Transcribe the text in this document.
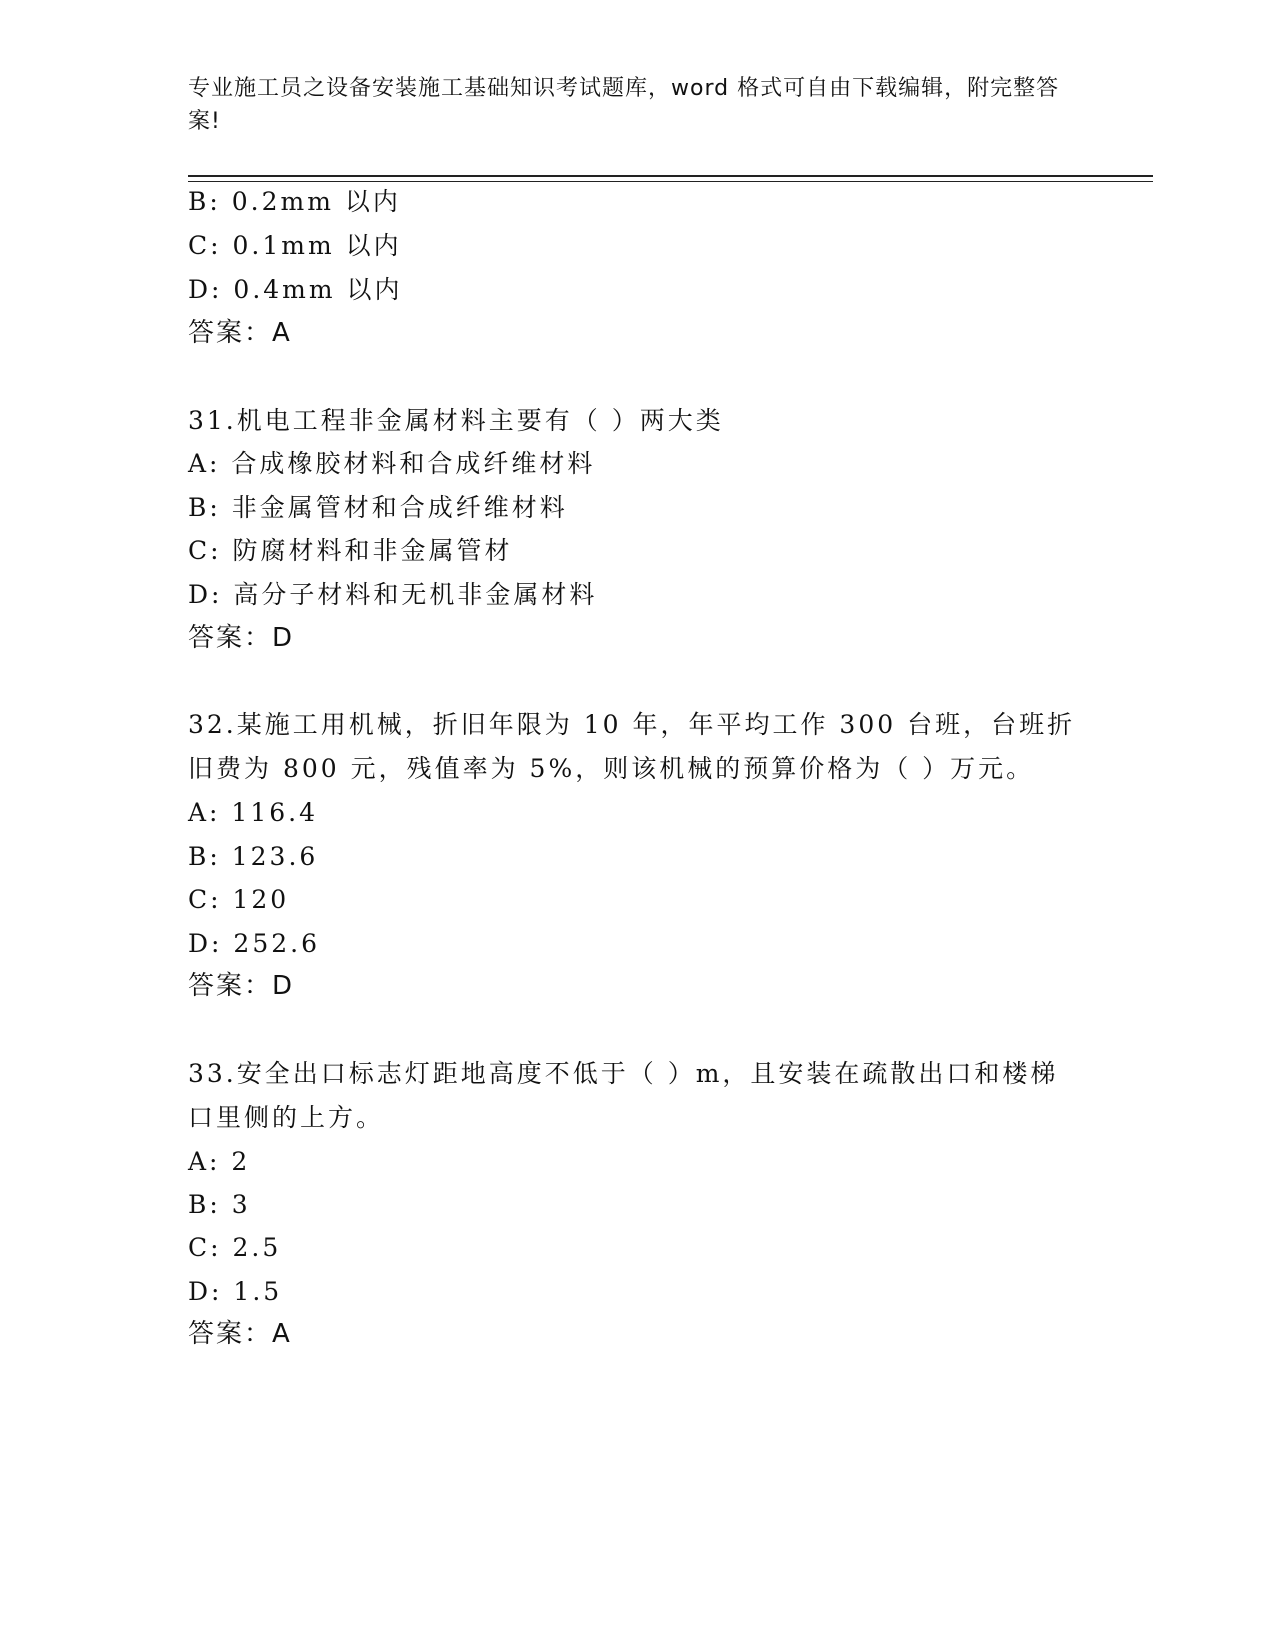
专业施工员之设备安装施工基础知识考试题库，word 格式可自由下载编辑，附完整答案!
B: 0.2mm 以内
C: 0.1mm 以内
D: 0.4mm 以内
答案：A
31.机电工程非金属材料主要有（ ）两大类
A: 合成橡胶材料和合成纤维材料
B: 非金属管材和合成纤维材料
C: 防腐材料和非金属管材
D: 高分子材料和无机非金属材料
答案：D
32.某施工用机械，折旧年限为 10 年，年平均工作 300 台班，台班折
旧费为 800 元，残值率为 5%，则该机械的预算价格为（ ）万元。
A: 116.4
B: 123.6
C: 120
D: 252.6
答案：D
33.安全出口标志灯距地高度不低于（ ）m，且安装在疏散出口和楼梯
口里侧的上方。
A: 2
B: 3
C: 2.5
D: 1.5
答案：A
